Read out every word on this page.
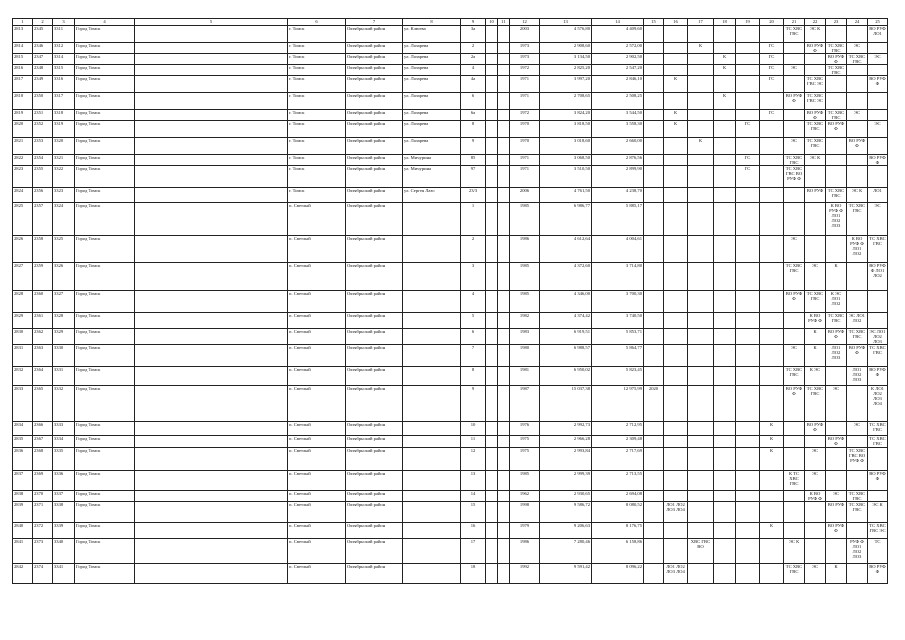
1	2	3	4	5	6	7	8	9	10	11	12	13	14	15	16	17	18	19	20	21	22	23	24	25
2813	2345	3311	Город Томск		г. Томск	Октябрьский район	ул. Клюева	3а			2003	4 576,80	4 409,60							ТС ХВС ГВС	ЭС К			ВО РУФ ЛО1
2814	2346	3312	Город Томск		г. Томск	Октябрьский район	ул. Лазарева	2			1973	2 908,60	2 572,00			К			ГС		ВО РУФ Ф	ТС ХВС ГВС	ЭС	
2815	2347	3314	Город Томск		г. Томск	Октябрьский район	ул. Лазарева	2а			1973	3 134,50	2 902,50				К		ГС			ВО РУФ Ф	ТС ХВС ГВС	ЭС
2816	2348	3315	Город Томск		г. Томск	Октябрьский район	ул. Лазарева	4			1972	2 825,20	2 547,20				К		ГС	ЭС		ТС ХВС ГВС		
2817	2349	3316	Город Томск		г. Томск	Октябрьский район	ул. Лазарева	4а			1971	3 997,20	2 846,10		К				ГС		ТС ХВС ГВС ЭС			ВО РУФ Ф
2818	2350	3317	Город Томск		г. Томск	Октябрьский район	ул. Лазарева	6			1971	2 708,65	2 508,25				К			ВО РУФ Ф	ТС ХВС ГВС ЭС			
2819	2351	3318	Город Томск		г. Томск	Октябрьский район	ул. Лазарева	6а			1972	3 824,20	3 544,50		К				ГС		ВО РУФ Ф	ТС ХВС ГВС	ЭС	
2820	2352	3319	Город Томск		г. Томск	Октябрьский район	ул. Лазарева	8			1970	3 818,50	3 558,30		К			ГС			ТС ХВС ГВС	ВО РУФ Ф		ЭС
2821	2353	3320	Город Томск		г. Томск	Октябрьский район	ул. Лазарева	9			1970	3 018,60	2 660,00			К				ЭС	ТС ХВС ГВС		ВО РУФ Ф	
2822	2354	3321	Город Томск		г. Томск	Октябрьский район	ул. Мичурина	85			1971	3 068,50	2 876,56					ГС		ТС ХВС ГВС	ЭС К			ВО РУФ Ф
2823	2355	3322	Город Томск		г. Томск	Октябрьский район	ул. Мичурина	97			1971	3 510,50	2 899,90					ГС		ТС ХВС ГВС ВО РУФ Ф				
2824	2356	3323	Город Томск		г. Томск	Октябрьский район	ул. Сергея Лазо	23/3			2006	4 761,50	4 238,70								ВО РУФ	ТС ХВС ГВС	ЭС К	ЛО1
2825	2357	3324	Город Томск		п. Светлый	Октябрьский район		1			1985	6 986,77	5 885,17									К ВО РУФ Ф ЛО1 ЛО2 ЛО3	ТС ХВС ГВС	ЭС
2826	2358	3325	Город Томск		п. Светлый	Октябрьский район		2			1986	4 612,64	4 004,61							ЭС			К ВО РУФ Ф ЛО1 ЛО2	ТС ХВС ГВС
2827	2359	3326	Город Томск		п. Светлый	Октябрьский район		3			1985	4 372,60	3 714,80							ТС ХВС ГВС	ЭС	К		ВО РУФ Ф ЛО1 ЛО2
2828	2360	3327	Город Томск		п. Светлый	Октябрьский район		4			1985	4 346,00	3 700,30							ВО РУФ Ф	ТС ХВС ГВС	К ЭС ЛО1 ЛО2		
2829	2361	3328	Город Томск		п. Светлый	Октябрьский район		5			1982	4 374,42	3 740,50								К ВО РУФ Ф	ТС ХВС ГВС	ЭС ЛО1 ЛО2	
2830	2362	3329	Город Томск		п. Светлый	Октябрьский район		6			1983	6 919,51	5 853,71								К	ВО РУФ Ф	ТС ХВС ГВС	ЭС ЛО1 ЛО2 ЛО3
2831	2363	3330	Город Томск		п. Светлый	Октябрьский район		7			1980	6 988,57	5 864,77							ЭС	К	ЛО1 ЛО2 ЛО3	ВО РУФ Ф	ТС ХВС ГВС
2832	2364	3331	Город Томск		п. Светлый	Октябрьский район		8			1981	6 950,02	5 823,45							ТС ХВС ГВС	К ЭС		ЛО1 ЛО2 ЛО3	ВО РУФ Ф
2833	2365	3332	Город Томск		п. Светлый	Октябрьский район		9			1987	15 037,38	12 975,99	2020						ВО РУФ Ф	ТС ХВС ГВС	ЭС		К ЛО1 ЛО2 ЛО3 ЛО4
2834	2366	3333	Город Томск		п. Светлый	Октябрьский район		10			1976	2 992,73	2 712,95						К		ВО РУФ Ф		ЭС	ТС ХВС ГВС
2835	2367	3334	Город Томск		п. Светлый	Октябрьский район		11			1975	2 966,28	2 309,48						К			ВО РУФ Ф		ТС ХВС ГВС
2836	2368	3335	Город Томск		п. Светлый	Октябрьский район		12			1975	2 993,84	2 717,69						К		ЭС		ТС ХВС ГВС ВО РУФ Ф	
2837	2369	3336	Город Томск		п. Светлый	Октябрьский район		13			1985	2 999,39	2 713,55							К ТС ХВС ГВС	ЭС			ВО РУФ Ф
2838	2370	3337	Город Томск		п. Светлый	Октябрьский район		14			1962	2 930,65	2 694,08								К ВО РУФ Ф	ЭС	ТС ХВС ГВС	
2839	2371	3338	Город Томск		п. Светлый	Октябрьский район		15			1998	9 586,72	8 080,52		ЛО1 ЛО2 ЛО3 ЛО4							ВО РУФ	ТС ХВС ГВС	ЭС К
2840	2372	3339	Город Томск		п. Светлый	Октябрьский район		16			1979	9 206,63	8 176,75						К			ВО РУФ Ф		ТС ХВС ГВС ЭС
2841	2373	3340	Город Томск		п. Светлый	Октябрьский район		17			1986	7 280,46	6 158,86			ХВС ГВС ВО				ЭС К			РУФ Ф ЛО1 ЛО2 ЛО3	ТС
2842	2374	3341	Город Томск		п. Светлый	Октябрьский район		18			1992	9 591,42	8 096,22		ЛО1 ЛО2 ЛО3 ЛО4					ТС ХВС ГВС	ЭС	К		ВО РУФ Ф
